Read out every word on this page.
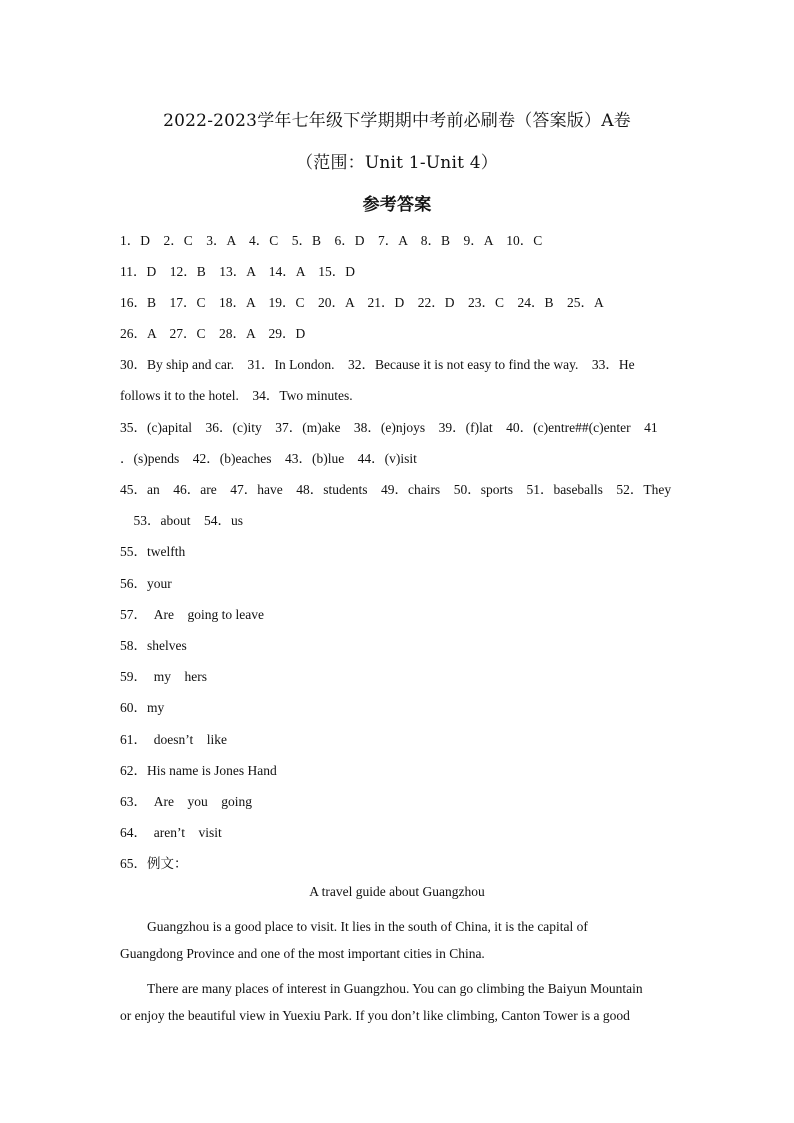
2022-2023学年七年级下学期期中考前必刷卷（答案版）A卷
（范围：Unit 1-Unit 4）
参考答案
1．D　2．C　3．A　4．C　5．B　6．D　7．A　8．B　9．A　10．C
11．D　12．B　13．A　14．A　15．D
16．B　17．C　18．A　19．C　20．A　21．D　22．D　23．C　24．B　25．A
26．A　27．C　28．A　29．D
30．By ship and car.　31．In London.　32．Because it is not easy to find the way.　33．He
follows it to the hotel.　34．Two minutes.
35．(c)apital　36．(c)ity　37．(m)ake　38．(e)njoys　39．(f)lat　40．(c)entre##(c)enter　41
．(s)pends　42．(b)eaches　43．(b)lue　44．(v)isit
45．an　46．are　47．have　48．students　49．chairs　50．sports　51．baseballs　52．They
　53．about　54．us
55．twelfth
56．your
57．　Are　going to leave
58．shelves
59．　my　hers
60．my
61．　doesn’t　like
62．His name is Jones Hand
63．　Are　you　going
64．　aren’t　visit
65．例文：
A travel guide about Guangzhou
　　Guangzhou is a good place to visit. It lies in the south of China, it is the capital of
Guangdong Province and one of the most important cities in China.
　　There are many places of interest in Guangzhou. You can go climbing the Baiyun Mountain
or enjoy the beautiful view in Yuexiu Park. If you don’t like climbing, Canton Tower is a good
